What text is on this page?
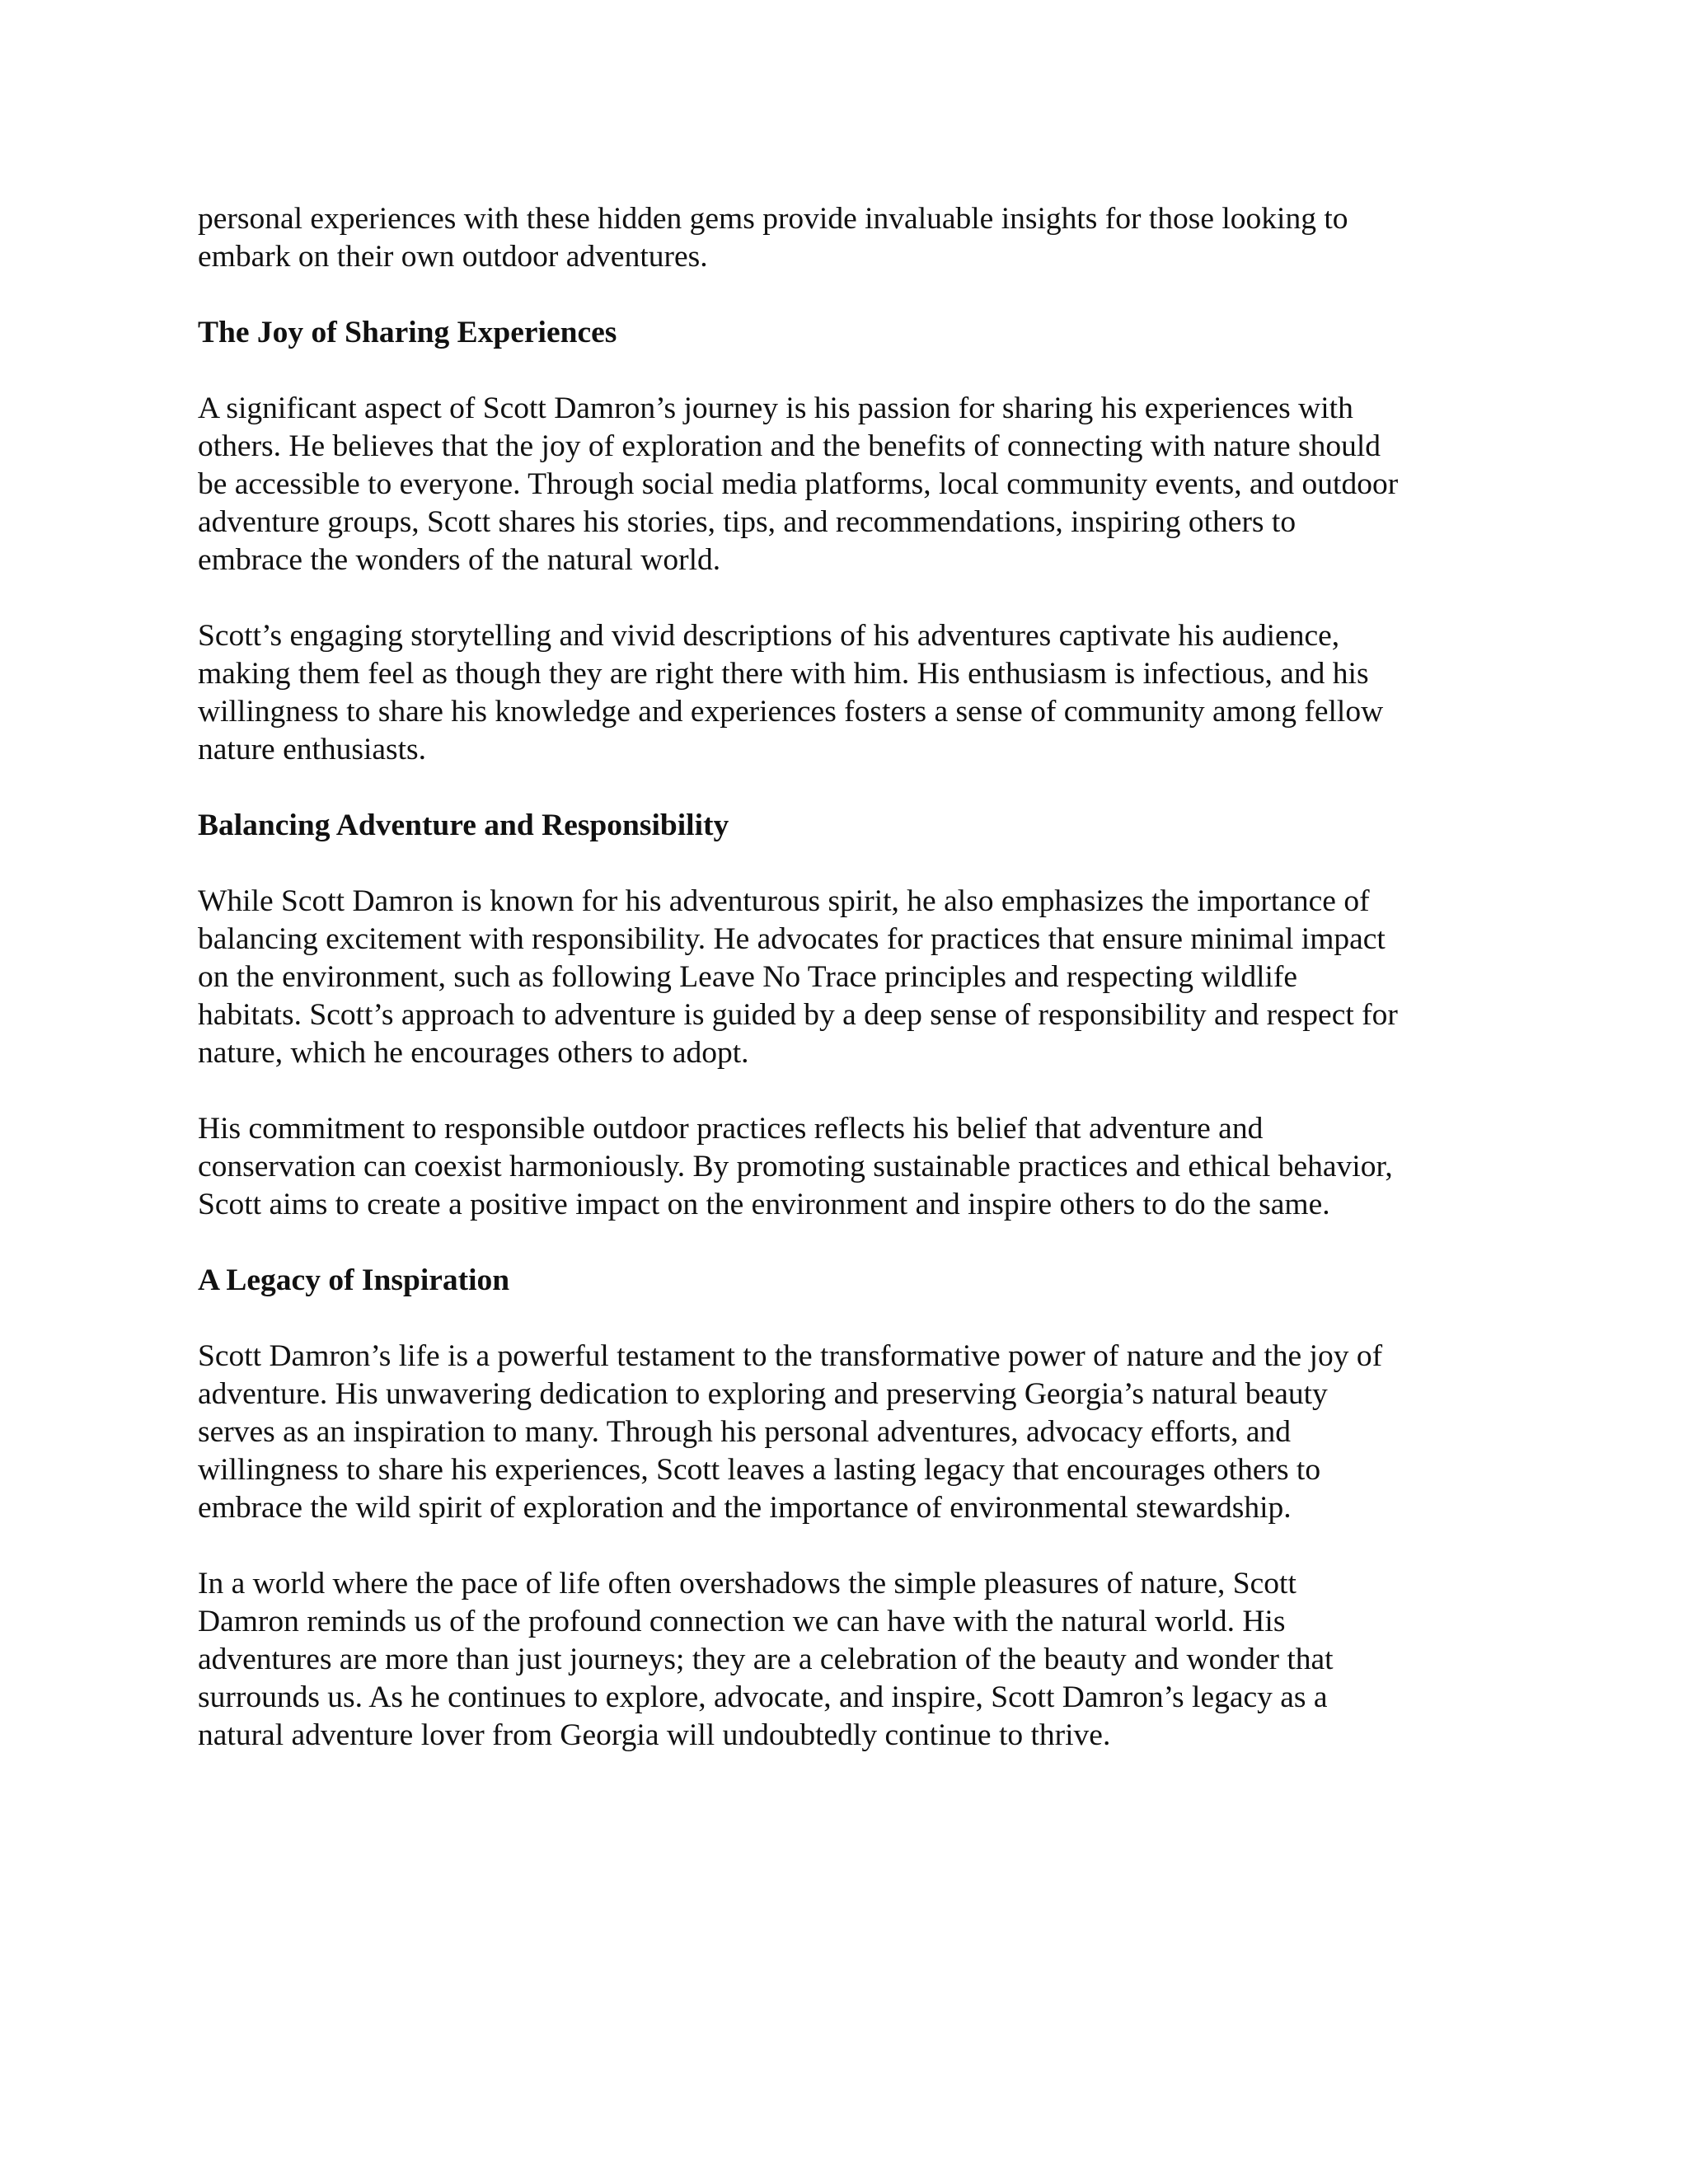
personal experiences with these hidden gems provide invaluable insights for those looking to
embark on their own outdoor adventures.

The Joy of Sharing Experiences

A significant aspect of Scott Damron’s journey is his passion for sharing his experiences with
others. He believes that the joy of exploration and the benefits of connecting with nature should
be accessible to everyone. Through social media platforms, local community events, and outdoor
adventure groups, Scott shares his stories, tips, and recommendations, inspiring others to
embrace the wonders of the natural world.

Scott’s engaging storytelling and vivid descriptions of his adventures captivate his audience,
making them feel as though they are right there with him. His enthusiasm is infectious, and his
willingness to share his knowledge and experiences fosters a sense of community among fellow
nature enthusiasts.

Balancing Adventure and Responsibility

While Scott Damron is known for his adventurous spirit, he also emphasizes the importance of
balancing excitement with responsibility. He advocates for practices that ensure minimal impact
on the environment, such as following Leave No Trace principles and respecting wildlife
habitats. Scott’s approach to adventure is guided by a deep sense of responsibility and respect for
nature, which he encourages others to adopt.

His commitment to responsible outdoor practices reflects his belief that adventure and
conservation can coexist harmoniously. By promoting sustainable practices and ethical behavior,
Scott aims to create a positive impact on the environment and inspire others to do the same.

A Legacy of Inspiration

Scott Damron’s life is a powerful testament to the transformative power of nature and the joy of
adventure. His unwavering dedication to exploring and preserving Georgia’s natural beauty
serves as an inspiration to many. Through his personal adventures, advocacy efforts, and
willingness to share his experiences, Scott leaves a lasting legacy that encourages others to
embrace the wild spirit of exploration and the importance of environmental stewardship.

In a world where the pace of life often overshadows the simple pleasures of nature, Scott
Damron reminds us of the profound connection we can have with the natural world. His
adventures are more than just journeys; they are a celebration of the beauty and wonder that
surrounds us. As he continues to explore, advocate, and inspire, Scott Damron’s legacy as a
natural adventure lover from Georgia will undoubtedly continue to thrive.
